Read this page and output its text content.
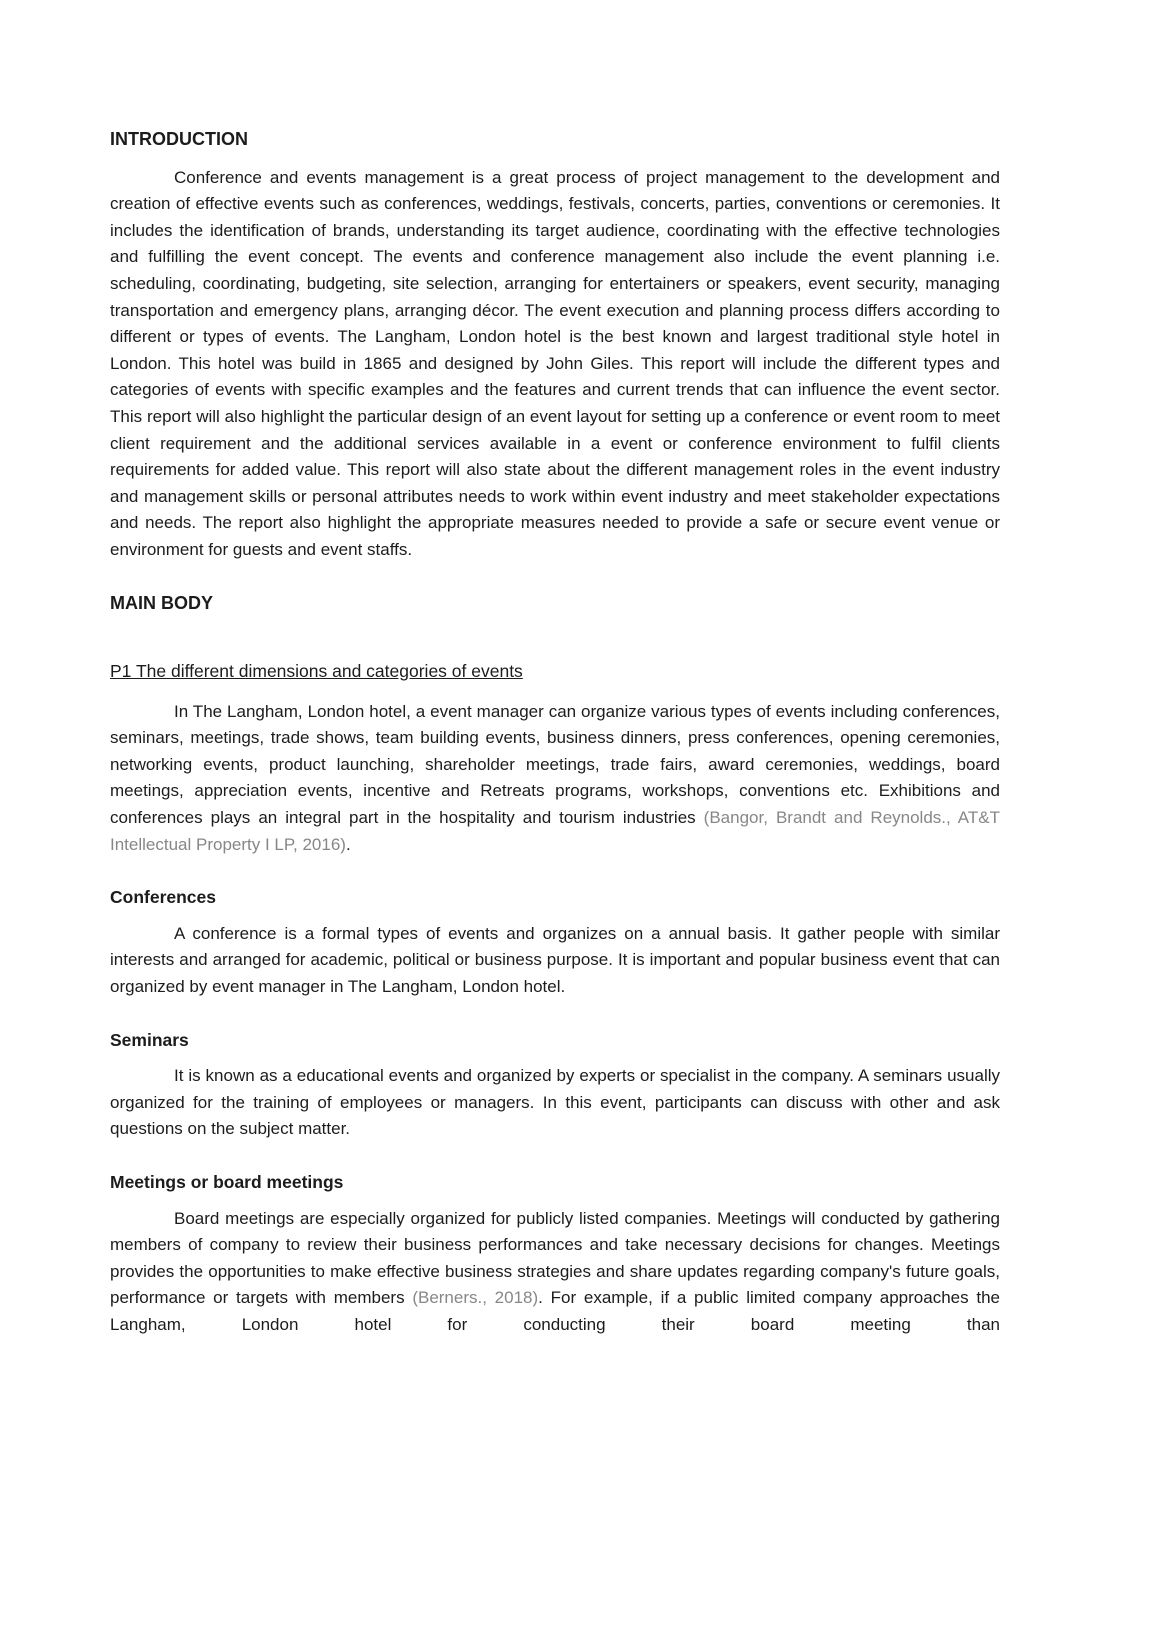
INTRODUCTION

Conference and events management is a great process of project management to the development and creation of effective events such as conferences, weddings, festivals, concerts, parties, conventions or ceremonies. It includes the identification of brands, understanding its target audience, coordinating with the effective technologies and fulfilling the event concept. The events and conference management also include the event planning i.e. scheduling, coordinating, budgeting, site selection, arranging for entertainers or speakers, event security, managing transportation and emergency plans, arranging décor. The event execution and planning process differs according to different or types of events. The Langham, London hotel is the best known and largest traditional style hotel in London. This hotel was build in 1865 and designed by John Giles. This report will include the different types and categories of events with specific examples and the features and current trends that can influence the event sector. This report will also highlight the particular design of an event layout for setting up a conference or event room to meet client requirement and the additional services available in a event or conference environment to fulfil clients requirements for added value. This report will also state about the different management roles in the event industry and management skills or personal attributes needs to work within event industry and meet stakeholder expectations and needs. The report also highlight the appropriate measures needed to provide a safe or secure event venue or environment for guests and event staffs.

MAIN BODY
P1 The different dimensions and categories of events

In The Langham, London hotel, a event manager can organize various types of events including conferences, seminars, meetings, trade shows, team building events, business dinners, press conferences, opening ceremonies, networking events, product launching, shareholder meetings, trade fairs, award ceremonies, weddings, board meetings, appreciation events, incentive and Retreats programs, workshops, conventions etc. Exhibitions and conferences plays an integral part in the hospitality and tourism industries (Bangor, Brandt and Reynolds., AT&T Intellectual Property I LP, 2016).

Conferences

A conference is a formal types of events and organizes on a annual basis. It gather people with similar interests and arranged for academic, political or business purpose. It is important and popular business event that can organized by event manager in The Langham, London hotel.

Seminars

It is known as a educational events and organized by experts or specialist in the company. A seminars usually organized for the training of employees or managers. In this event, participants can discuss with other and ask questions on the subject matter.

Meetings or board meetings

Board meetings are especially organized for publicly listed companies. Meetings will conducted by gathering members of company to review their business performances and take necessary decisions for changes. Meetings provides the opportunities to make effective business strategies and share updates regarding company's future goals, performance or targets with members (Berners., 2018). For example, if a public limited company approaches the Langham, London hotel for conducting their board meeting than
